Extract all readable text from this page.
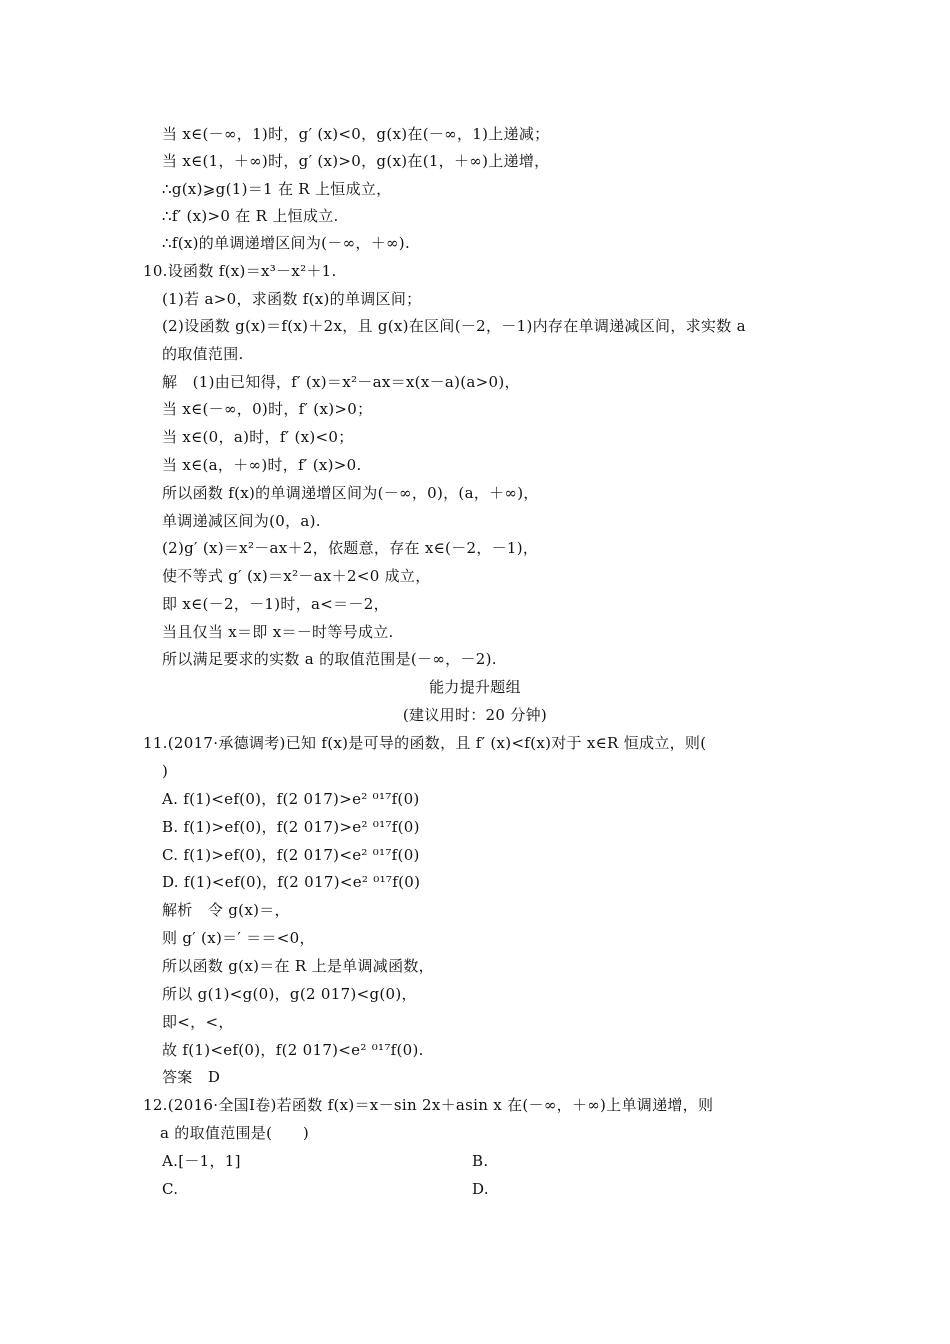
当 x∈(－∞，1)时，g′ (x)<0，g(x)在(－∞，1)上递减；
当 x∈(1，＋∞)时，g′ (x)>0，g(x)在(1，＋∞)上递增，
∴g(x)⩾g(1)＝1 在 R 上恒成立，
∴f′ (x)>0 在 R 上恒成立.
∴f(x)的单调递增区间为(－∞，＋∞).
10.设函数 f(x)＝x³－x²＋1.
(1)若 a>0，求函数 f(x)的单调区间；
(2)设函数 g(x)＝f(x)＋2x，且 g(x)在区间(－2，－1)内存在单调递减区间，求实数 a
的取值范围.
解　(1)由已知得，f′ (x)＝x²－ax＝x(x－a)(a>0)，
当 x∈(－∞，0)时，f′ (x)>0；
当 x∈(0，a)时，f′ (x)<0；
当 x∈(a，＋∞)时，f′ (x)>0.
所以函数 f(x)的单调递增区间为(－∞，0)，(a，＋∞)，
单调递减区间为(0，a).
(2)g′ (x)＝x²－ax＋2，依题意，存在 x∈(－2，－1)，
使不等式 g′ (x)＝x²－ax＋2<0 成立，
即 x∈(－2，－1)时，a<＝－2，
当且仅当 x＝即 x＝－时等号成立.
所以满足要求的实数 a 的取值范围是(－∞，－2).
能力提升题组
(建议用时：20 分钟)
11.(2017·承德调考)已知 f(x)是可导的函数，且 f′ (x)<f(x)对于 x∈R 恒成立，则(
)
A. f(1)<ef(0)，f(2 017)>e² ⁰¹⁷f(0)
B. f(1)>ef(0)，f(2 017)>e² ⁰¹⁷f(0)
C. f(1)>ef(0)，f(2 017)<e² ⁰¹⁷f(0)
D. f(1)<ef(0)，f(2 017)<e² ⁰¹⁷f(0)
解析　令 g(x)＝，
则 g′ (x)＝′ ＝＝<0，
所以函数 g(x)＝在 R 上是单调减函数，
所以 g(1)<g(0)，g(2 017)<g(0)，
即<，<，
故 f(1)<ef(0)，f(2 017)<e² ⁰¹⁷f(0).
答案　D
12.(2016·全国Ⅰ卷)若函数 f(x)＝x－sin 2x＋asin x 在(－∞，＋∞)上单调递增，则
a 的取值范围是(　　)
A.[－1，1]	B.
C.	D.
